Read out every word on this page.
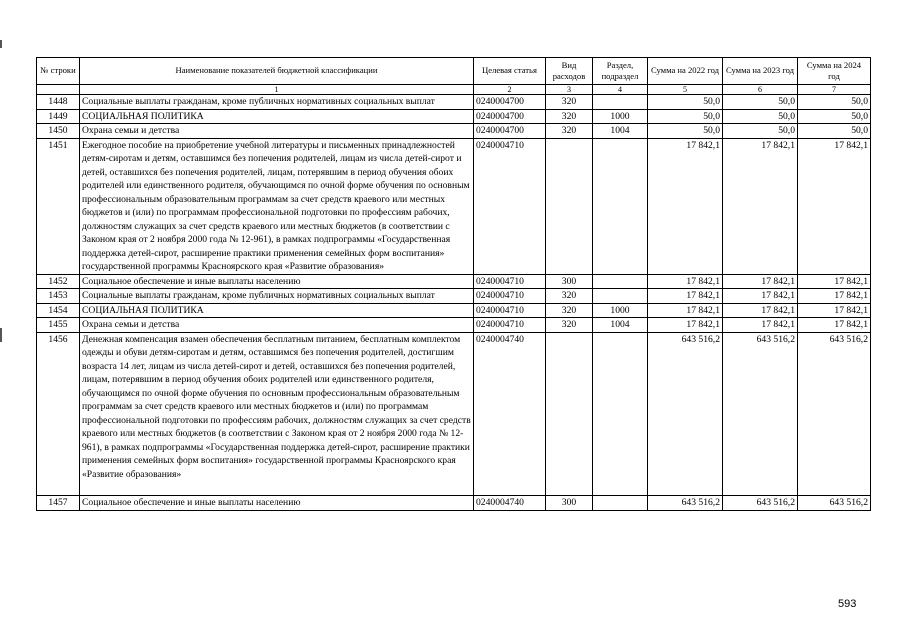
№ строки	Наименование показателей бюджетной классификации	Целевая статья	Вид расходов	Раздел, подраздел	Сумма на 2022 год	Сумма на 2023 год	Сумма на 2024 год
	1	2	3	4	5	6	7
1448	Социальные выплаты гражданам, кроме публичных нормативных социальных выплат	0240004700	320		50,0	50,0	50,0
1449	СОЦИАЛЬНАЯ ПОЛИТИКА	0240004700	320	1000	50,0	50,0	50,0
1450	Охрана семьи и детства	0240004700	320	1004	50,0	50,0	50,0
1451	Ежегодное пособие на приобретение учебной литературы и письменных принадлежностей детям-сиротам и детям, оставшимся без попечения родителей, лицам из числа детей-сирот и детей, оставшихся без попечения родителей, лицам, потерявшим в период обучения обоих родителей или единственного родителя, обучающимся по очной форме обучения по основным профессиональным образовательным программам за счет средств краевого или местных бюджетов и (или) по программам профессиональной подготовки по профессиям рабочих, должностям служащих за счет средств краевого или местных бюджетов (в соответствии с Законом края от 2 ноября 2000 года № 12-961), в рамках подпрограммы «Государственная поддержка детей-сирот, расширение практики применения семейных форм воспитания» государственной программы Красноярского края «Развитие образования»	0240004710			17 842,1	17 842,1	17 842,1
1452	Социальное обеспечение и иные выплаты населению	0240004710	300		17 842,1	17 842,1	17 842,1
1453	Социальные выплаты гражданам, кроме публичных нормативных социальных выплат	0240004710	320		17 842,1	17 842,1	17 842,1
1454	СОЦИАЛЬНАЯ ПОЛИТИКА	0240004710	320	1000	17 842,1	17 842,1	17 842,1
1455	Охрана семьи и детства	0240004710	320	1004	17 842,1	17 842,1	17 842,1
1456	Денежная компенсация взамен обеспечения бесплатным питанием, бесплатным комплектом одежды и обуви детям-сиротам и детям, оставшимся без попечения родителей, достигшим возраста 14 лет, лицам из числа детей-сирот и детей, оставшихся без попечения родителей, лицам, потерявшим в период обучения обоих родителей или единственного родителя, обучающимся по очной форме обучения по основным профессиональным образовательным программам за счет средств краевого или местных бюджетов и (или) по программам профессиональной подготовки по профессиям рабочих, должностям служащих за счет средств краевого или местных бюджетов (в соответствии с Законом края от 2 ноября 2000 года № 12-961), в рамках подпрограммы «Государственная поддержка детей-сирот, расширение практики применения семейных форм воспитания» государственной программы Красноярского края «Развитие образования»	0240004740			643 516,2	643 516,2	643 516,2
1457	Социальное обеспечение и иные выплаты населению	0240004740	300		643 516,2	643 516,2	643 516,2
593
